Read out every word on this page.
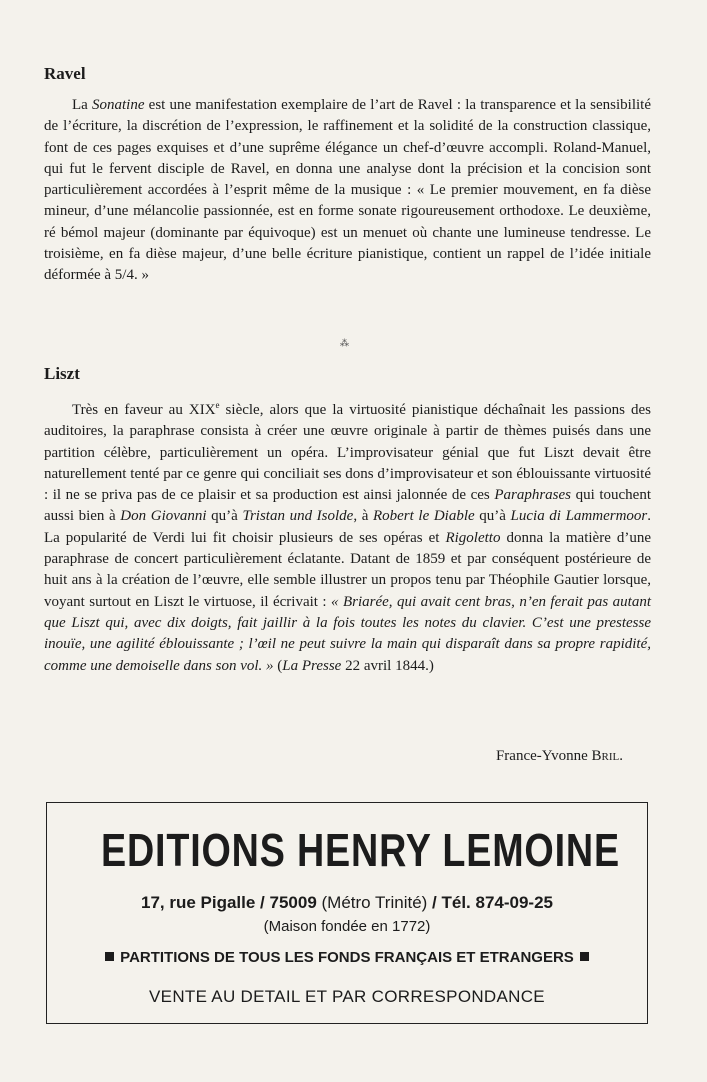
Ravel

La Sonatine est une manifestation exemplaire de l’art de Ravel : la transparence et la sensibilité de l’écriture, la discrétion de l’expression, le raffinement et la solidité de la construction classique, font de ces pages exquises et d’une suprême élégance un chef-d’œuvre accompli. Roland-Manuel, qui fut le fervent disciple de Ravel, en donna une analyse dont la précision et la concision sont particulièrement accordées à l’esprit même de la musique : « Le premier mouvement, en fa dièse mineur, d’une mélancolie passionnée, est en forme sonate rigoureusement orthodoxe. Le deuxième, ré bémol majeur (dominante par équivoque) est un menuet où chante une lumineuse tendresse. Le troisième, en fa dièse majeur, d’une belle écriture pianistique, contient un rappel de l’idée initiale déformée à 5/4. »

⁂
Liszt

Très en faveur au XIXe siècle, alors que la virtuosité pianistique déchaînait les passions des auditoires, la paraphrase consista à créer une œuvre originale à partir de thèmes puisés dans une partition célèbre, particulièrement un opéra. L’improvisateur génial que fut Liszt devait être naturellement tenté par ce genre qui conciliait ses dons d’improvisateur et son éblouissante virtuosité : il ne se priva pas de ce plaisir et sa production est ainsi jalonnée de ces Paraphrases qui touchent aussi bien à Don Giovanni qu’à Tristan und Isolde, à Robert le Diable qu’à Lucia di Lammermoor. La popularité de Verdi lui fit choisir plusieurs de ses opéras et Rigoletto donna la matière d’une paraphrase de concert particulièrement éclatante. Datant de 1859 et par conséquent postérieure de huit ans à la création de l’œuvre, elle semble illustrer un propos tenu par Théophile Gautier lorsque, voyant surtout en Liszt le virtuose, il écrivait : « Briarée, qui avait cent bras, n’en ferait pas autant que Liszt qui, avec dix doigts, fait jaillir à la fois toutes les notes du clavier. C’est une prestesse inouïe, une agilité éblouissante ; l’œil ne peut suivre la main qui disparaît dans sa propre rapidité, comme une demoiselle dans son vol. » (La Presse 22 avril 1844.)

France-Yvonne Bril.
EDITIONS HENRY LEMOINE
17, rue Pigalle / 75009 (Métro Trinité) / Tél. 874-09-25
(Maison fondée en 1772)
PARTITIONS DE TOUS LES FONDS FRANÇAIS ET ETRANGERS
VENTE AU DETAIL ET PAR CORRESPONDANCE
